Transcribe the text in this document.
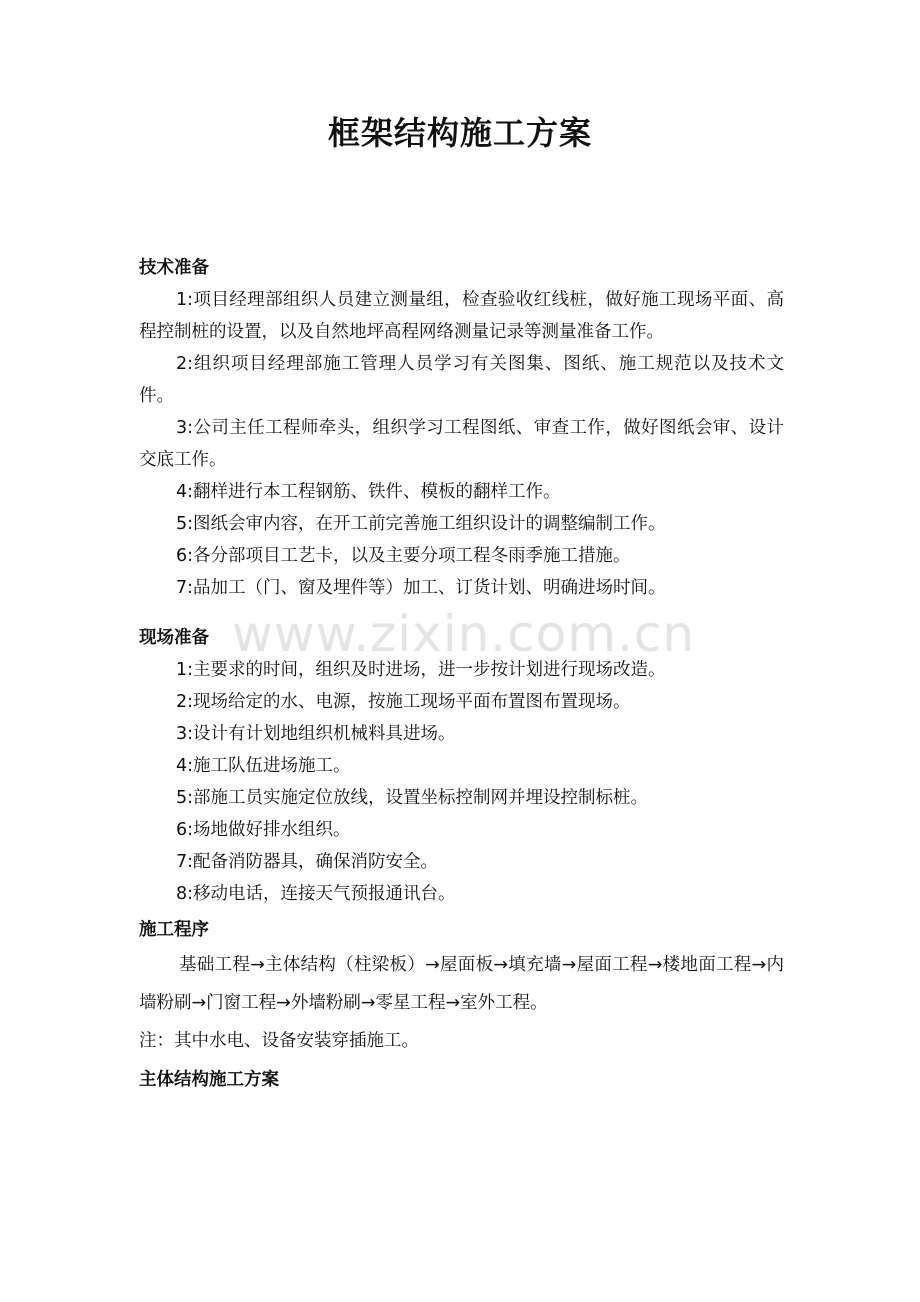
框架结构施工方案
www.zixin.com.cn
技术准备

1:项目经理部组织人员建立测量组，检查验收红线桩，做好施工现场平面、高程控制桩的设置，以及自然地坪高程网络测量记录等测量准备工作。

2:组织项目经理部施工管理人员学习有关图集、图纸、施工规范以及技术文件。

3:公司主任工程师牵头，组织学习工程图纸、审查工作，做好图纸会审、设计交底工作。

4:翻样进行本工程钢筋、铁件、模板的翻样工作。

5:图纸会审内容，在开工前完善施工组织设计的调整编制工作。

6:各分部项目工艺卡，以及主要分项工程冬雨季施工措施。

7:品加工（门、窗及埋件等）加工、订货计划、明确进场时间。

现场准备

1:主要求的时间，组织及时进场，进一步按计划进行现场改造。

2:现场给定的水、电源，按施工现场平面布置图布置现场。

3:设计有计划地组织机械料具进场。

4:施工队伍进场施工。

5:部施工员实施定位放线，设置坐标控制网并埋设控制标桩。

6:场地做好排水组织。

7:配备消防器具，确保消防安全。

8:移动电话，连接天气预报通讯台。

施工程序

基础工程→主体结构（柱梁板）→屋面板→填充墙→屋面工程→楼地面工程→内墙粉刷→门窗工程→外墙粉刷→零星工程→室外工程。

注：其中水电、设备安装穿插施工。

主体结构施工方案
